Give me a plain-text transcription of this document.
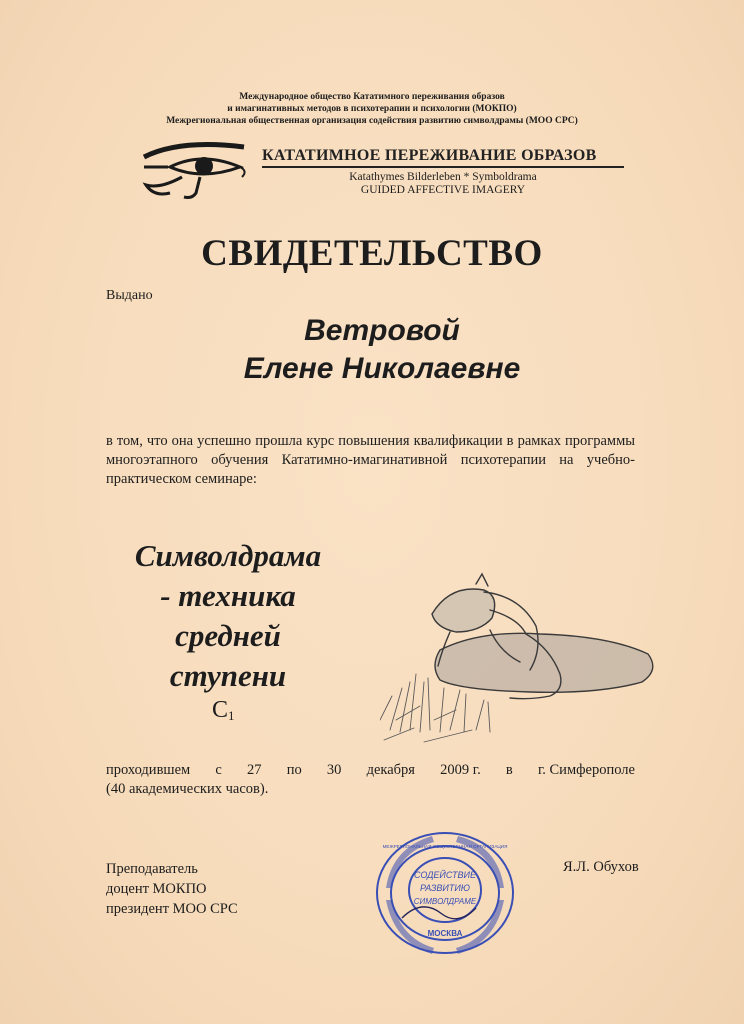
Международное общество Кататимного переживания образов
и имагинативных методов в психотерапии и психологии (МОКПО)
Межрегиональная общественная организация содействия развитию символдрамы (МОО СРС)
КАТАТИМНОЕ ПЕРЕЖИВАНИЕ ОБРАЗОВ
Katathymes Bilderleben * Symboldrama
GUIDED AFFECTIVE IMAGERY
СВИДЕТЕЛЬСТВО
Выдано
Ветровой
Елене Николаевне
в том, что она успешно прошла курс повышения квалификации в рамках программы многоэтапного обучения Кататимно-имагинативной психотерапии на учебно-практическом семинаре:
Символдрама
- техника
средней
ступени
$С_1$
проходившем с 27 по 30 декабря 2009 г. в г. Симферополе
(40 академических часов).
Преподаватель
доцент МОКПО
президент МОО СРС
СОДЕЙСТВИЕ
РАЗВИТИЮ
СИМВОЛДРАМЕ
МОСКВА
МЕЖРЕГИОНАЛЬНАЯ ОБЩЕСТВЕННАЯ ОРГАНИЗАЦИЯ
Я.Л. Обухов
